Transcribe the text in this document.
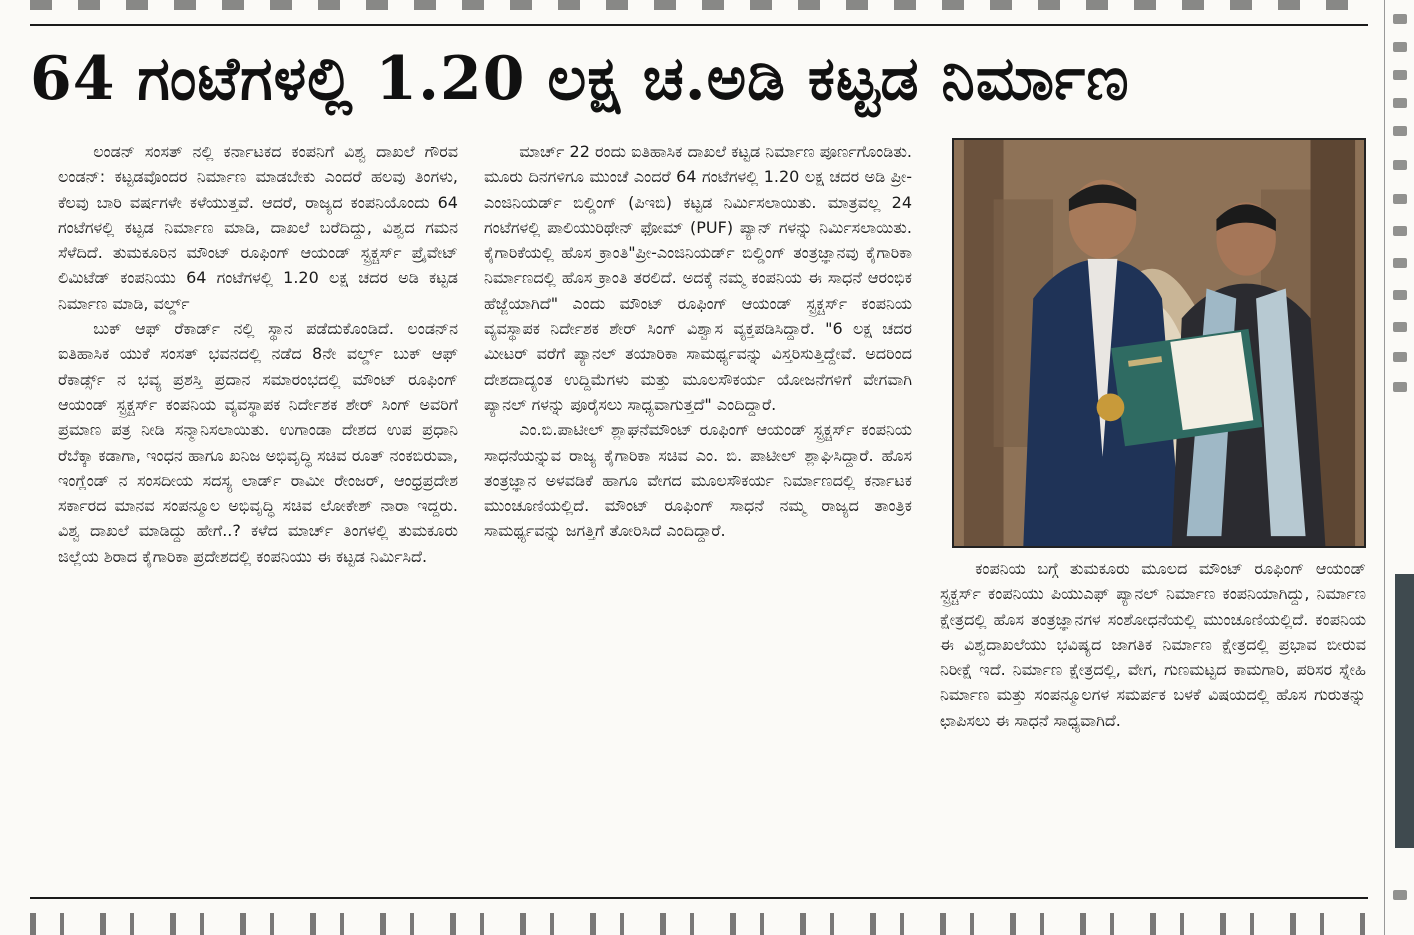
64 ಗಂಟೆಗಳಲ್ಲಿ 1.20 ಲಕ್ಷ ಚ.ಅಡಿ ಕಟ್ಟಡ ನಿರ್ಮಾಣ

ಲಂಡನ್ ಸಂಸತ್ ನಲ್ಲಿ ಕರ್ನಾಟಕದ ಕಂಪನಿಗೆ ವಿಶ್ವ ದಾಖಲೆ ಗೌರವ ಲಂಡನ್: ಕಟ್ಟಡವೊಂದರ ನಿರ್ಮಾಣ ಮಾಡಬೇಕು ಎಂದರೆ ಹಲವು ತಿಂಗಳು, ಕೆಲವು ಬಾರಿ ವರ್ಷಗಳೇ ಕಳೆಯುತ್ತವೆ. ಆದರೆ, ರಾಜ್ಯದ ಕಂಪನಿಯೊಂದು 64 ಗಂಟೆಗಳಲ್ಲಿ ಕಟ್ಟಡ ನಿರ್ಮಾಣ ಮಾಡಿ, ದಾಖಲೆ ಬರೆದಿದ್ದು, ವಿಶ್ವದ ಗಮನ ಸೆಳೆದಿದೆ. ತುಮಕೂರಿನ ಮೌಂಟ್ ರೂಫಿಂಗ್ ಆಯಂಡ್ ಸ್ಟ್ರಕ್ಚರ್ಸ್ ಪ್ರೈವೇಟ್ ಲಿಮಿಟೆಡ್ ಕಂಪನಿಯು 64 ಗಂಟೆಗಳಲ್ಲಿ 1.20 ಲಕ್ಷ ಚದರ ಅಡಿ ಕಟ್ಟಡ ನಿರ್ಮಾಣ ಮಾಡಿ, ವರ್ಲ್ಡ್

ಬುಕ್ ಆಫ್ ರೆಕಾರ್ಡ್ ನಲ್ಲಿ ಸ್ಥಾನ ಪಡೆದುಕೊಂಡಿದೆ. ಲಂಡನ್‌ನ ಐತಿಹಾಸಿಕ ಯುಕೆ ಸಂಸತ್ ಭವನದಲ್ಲಿ ನಡೆದ 8ನೇ ವರ್ಲ್ಡ್ ಬುಕ್ ಆಫ್ ರೆಕಾರ್ಡ್ಸ್ ನ ಭವ್ಯ ಪ್ರಶಸ್ತಿ ಪ್ರದಾನ ಸಮಾರಂಭದಲ್ಲಿ ಮೌಂಟ್ ರೂಫಿಂಗ್ ಆಯಂಡ್ ಸ್ಟ್ರಕ್ಚರ್ಸ್ ಕಂಪನಿಯ ವ್ಯವಸ್ಥಾಪಕ ನಿರ್ದೇಶಕ ಶೇರ್ ಸಿಂಗ್ ಅವರಿಗೆ ಪ್ರಮಾಣ ಪತ್ರ ನೀಡಿ ಸನ್ಮಾನಿಸಲಾಯಿತು. ಉಗಾಂಡಾ ದೇಶದ ಉಪ ಪ್ರಧಾನಿ ರೆಬೆಕ್ಕಾ ಕಡಾಗಾ, ಇಂಧನ ಹಾಗೂ ಖನಿಜ ಅಭಿವೃದ್ಧಿ ಸಚಿವ ರೂತ್ ನಂಕಬಿರುವಾ, ಇಂಗ್ಲೆಂಡ್ ನ ಸಂಸದೀಯ ಸದಸ್ಯ ಲಾರ್ಡ್ ರಾಮೀ ರೇಂಜರ್, ಆಂಧ್ರಪ್ರದೇಶ ಸರ್ಕಾರದ ಮಾನವ ಸಂಪನ್ಮೂಲ ಅಭಿವೃದ್ಧಿ ಸಚಿವ ಲೋಕೇಶ್ ನಾರಾ ಇದ್ದರು. ವಿಶ್ವ ದಾಖಲೆ ಮಾಡಿದ್ದು ಹೇಗೆ..? ಕಳೆದ ಮಾರ್ಚ್ ತಿಂಗಳಲ್ಲಿ ತುಮಕೂರು ಜಿಲ್ಲೆಯ ಶಿರಾದ ಕೈಗಾರಿಕಾ ಪ್ರದೇಶದಲ್ಲಿ ಕಂಪನಿಯು ಈ ಕಟ್ಟಡ ನಿರ್ಮಿಸಿದೆ.

ಮಾರ್ಚ್ 22 ರಂದು ಐತಿಹಾಸಿಕ ದಾಖಲೆ ಕಟ್ಟಡ ನಿರ್ಮಾಣ ಪೂರ್ಣಗೊಂಡಿತು. ಮೂರು ದಿನಗಳಿಗೂ ಮುಂಚೆ ಎಂದರೆ 64 ಗಂಟೆಗಳಲ್ಲಿ 1.20 ಲಕ್ಷ ಚದರ ಅಡಿ ಪ್ರೀ-ಎಂಜಿನಿಯರ್ಡ್ ಬಿಲ್ಡಿಂಗ್ (ಪಿಇಬಿ) ಕಟ್ಟಡ ನಿರ್ಮಿಸಲಾಯಿತು. ಮಾತ್ರವಲ್ಲ 24 ಗಂಟೆಗಳಲ್ಲಿ ಪಾಲಿಯುರಿಥೇನ್ ಫೋಮ್ (PUF) ಪ್ಯಾನ್ ಗಳನ್ನು ನಿರ್ಮಿಸಲಾಯಿತು. ಕೈಗಾರಿಕೆಯಲ್ಲಿ ಹೊಸ ಕ್ರಾಂತಿ"ಪ್ರೀ-ಎಂಜಿನಿಯರ್ಡ್ ಬಿಲ್ಡಿಂಗ್ ತಂತ್ರಜ್ಞಾನವು ಕೈಗಾರಿಕಾ ನಿರ್ಮಾಣದಲ್ಲಿ ಹೊಸ ಕ್ರಾಂತಿ ತರಲಿದೆ. ಅದಕ್ಕೆ ನಮ್ಮ ಕಂಪನಿಯ ಈ ಸಾಧನೆ ಆರಂಭಿಕ ಹೆಜ್ಜೆಯಾಗಿದೆ" ಎಂದು ಮೌಂಟ್ ರೂಫಿಂಗ್ ಆಯಂಡ್ ಸ್ಟ್ರಕ್ಚರ್ಸ್ ಕಂಪನಿಯ ವ್ಯವಸ್ಥಾಪಕ ನಿರ್ದೇಶಕ ಶೇರ್ ಸಿಂಗ್ ವಿಶ್ವಾಸ ವ್ಯಕ್ತಪಡಿಸಿದ್ದಾರೆ. "6 ಲಕ್ಷ ಚದರ ಮೀಟರ್ ವರೆಗೆ ಪ್ಯಾನಲ್ ತಯಾರಿಕಾ ಸಾಮರ್ಥ್ಯವನ್ನು ವಿಸ್ತರಿಸುತ್ತಿದ್ದೇವೆ. ಅದರಿಂದ ದೇಶದಾದ್ಯಂತ ಉದ್ದಿಮೆಗಳು ಮತ್ತು ಮೂಲಸೌಕರ್ಯ ಯೋಜನೆಗಳಿಗೆ ವೇಗವಾಗಿ ಪ್ಯಾನಲ್ ಗಳನ್ನು ಪೂರೈಸಲು ಸಾಧ್ಯವಾಗುತ್ತದೆ" ಎಂದಿದ್ದಾರೆ.

ಎಂ.ಬಿ.ಪಾಟೀಲ್ ಶ್ಲಾಘನೆಮೌಂಟ್ ರೂಫಿಂಗ್ ಆಯಂಡ್ ಸ್ಟ್ರಕ್ಚರ್ಸ್ ಕಂಪನಿಯ ಸಾಧನೆಯನ್ನುವ ರಾಜ್ಯ ಕೈಗಾರಿಕಾ ಸಚಿವ ಎಂ. ಬಿ. ಪಾಟೀಲ್ ಶ್ಲಾಘಿಸಿದ್ದಾರೆ. ಹೊಸ ತಂತ್ರಜ್ಞಾನ ಅಳವಡಿಕೆ ಹಾಗೂ ವೇಗದ ಮೂಲಸೌಕರ್ಯ ನಿರ್ಮಾಣದಲ್ಲಿ ಕರ್ನಾಟಕ ಮುಂಚೂಣಿಯಲ್ಲಿದೆ. ಮೌಂಟ್ ರೂಫಿಂಗ್ ಸಾಧನೆ ನಮ್ಮ ರಾಜ್ಯದ ತಾಂತ್ರಿಕ ಸಾಮರ್ಥ್ಯವನ್ನು ಜಗತ್ತಿಗೆ ತೋರಿಸಿದೆ ಎಂದಿದ್ದಾರೆ.

ಕಂಪನಿಯ ಬಗ್ಗೆ ತುಮಕೂರು ಮೂಲದ ಮೌಂಟ್ ರೂಫಿಂಗ್ ಆಯಂಡ್ ಸ್ಟ್ರಕ್ಚರ್ಸ್ ಕಂಪನಿಯು ಪಿಯುಎಫ್ ಪ್ಯಾನಲ್ ನಿರ್ಮಾಣ ಕಂಪನಿಯಾಗಿದ್ದು, ನಿರ್ಮಾಣ ಕ್ಷೇತ್ರದಲ್ಲಿ ಹೊಸ ತಂತ್ರಜ್ಞಾನಗಳ ಸಂಶೋಧನೆಯಲ್ಲಿ ಮುಂಚೂಣಿಯಲ್ಲಿದೆ. ಕಂಪನಿಯ ಈ ವಿಶ್ವದಾಖಲೆಯು ಭವಿಷ್ಯದ ಜಾಗತಿಕ ನಿರ್ಮಾಣ ಕ್ಷೇತ್ರದಲ್ಲಿ ಪ್ರಭಾವ ಬೀರುವ ನಿರೀಕ್ಷೆ ಇದೆ. ನಿರ್ಮಾಣ ಕ್ಷೇತ್ರದಲ್ಲಿ, ವೇಗ, ಗುಣಮಟ್ಟದ ಕಾಮಗಾರಿ, ಪರಿಸರ ಸ್ನೇಹಿ ನಿರ್ಮಾಣ ಮತ್ತು ಸಂಪನ್ಮೂಲಗಳ ಸಮರ್ಪಕ ಬಳಕೆ ವಿಷಯದಲ್ಲಿ ಹೊಸ ಗುರುತನ್ನು ಛಾಪಿಸಲು ಈ ಸಾಧನೆ ಸಾಧ್ಯವಾಗಿದೆ.
